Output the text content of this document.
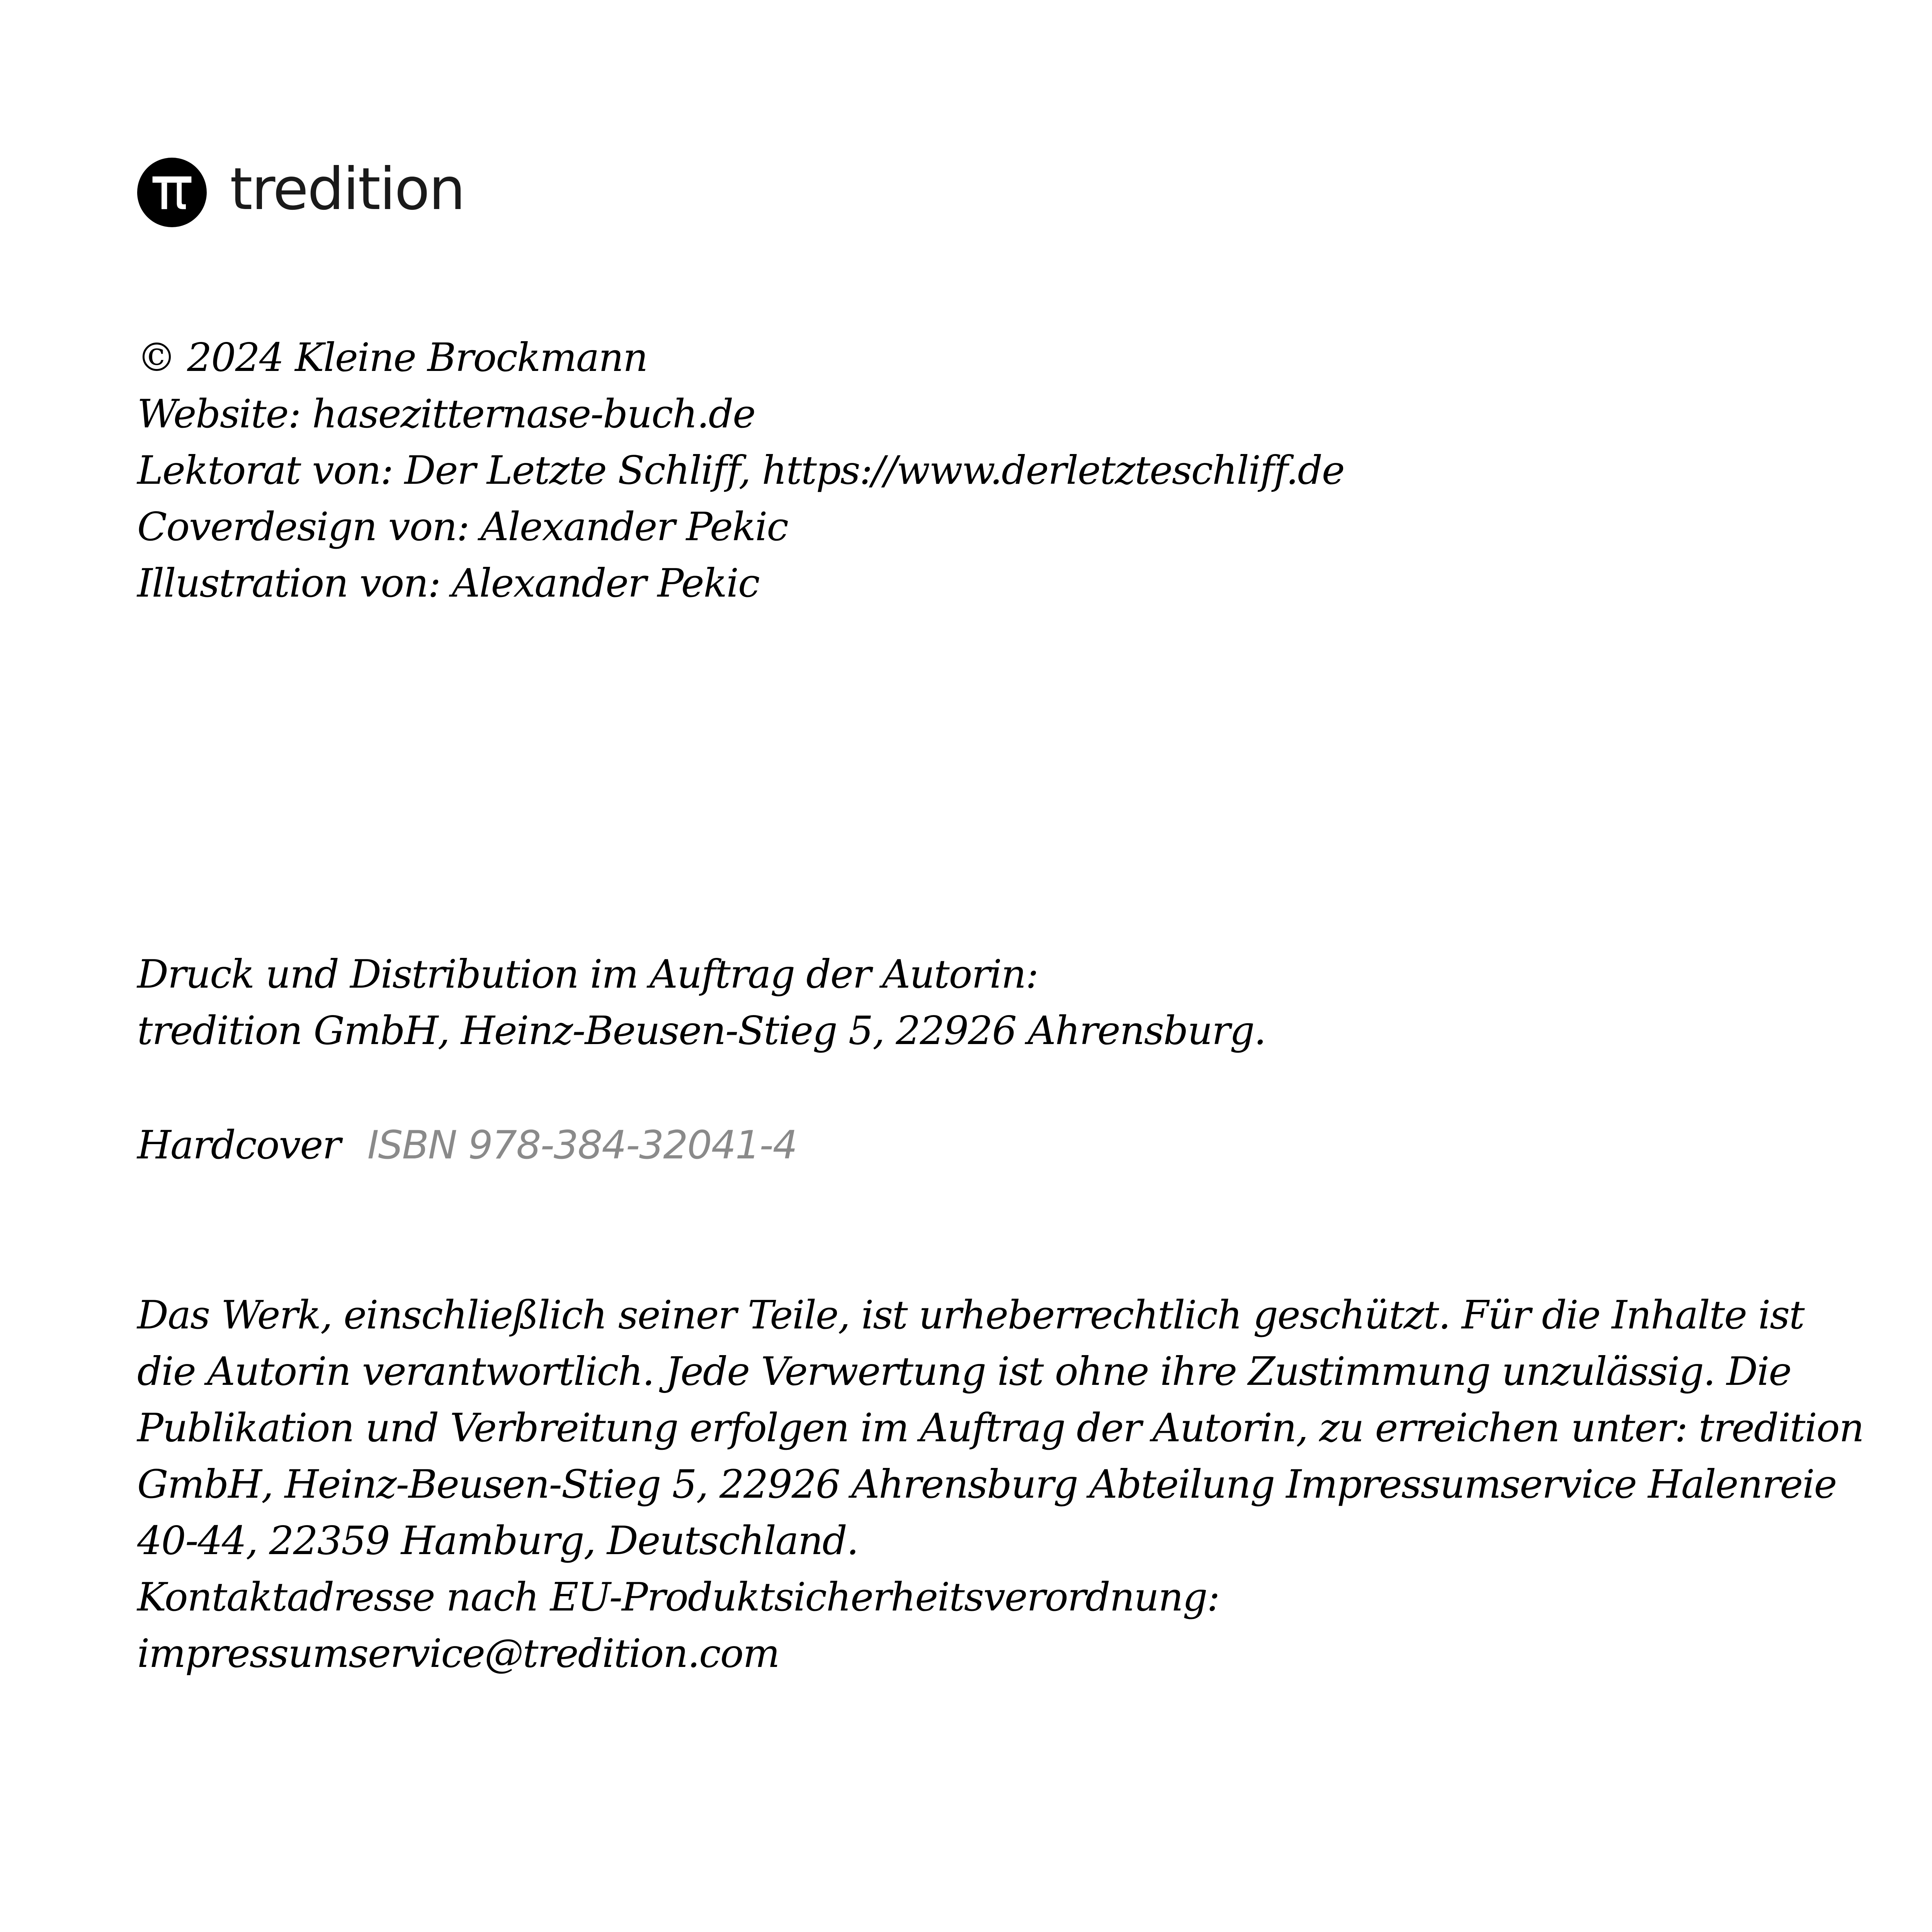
tredition

© 2024 Kleine Brockmann

Website: hasezitternase-buch.de

Lektorat von: Der Letzte Schliff, https://www.derletzteschliff.de

Coverdesign von: Alexander Pekic

Illustration von: Alexander Pekic

Druck und Distribution im Auftrag der Autorin:

tredition GmbH, Heinz-Beusen-Stieg 5, 22926 Ahrensburg.

Hardcover ISBN 978-384-32041-4

Das Werk, einschließlich seiner Teile, ist urheberrechtlich geschützt. Für die Inhalte ist

die Autorin verantwortlich. Jede Verwertung ist ohne ihre Zustimmung unzulässig. Die

Publikation und Verbreitung erfolgen im Auftrag der Autorin, zu erreichen unter: tredition

GmbH, Heinz-Beusen-Stieg 5, 22926 Ahrensburg Abteilung Impressumservice Halenreie

40-44, 22359 Hamburg, Deutschland.

Kontaktadresse nach EU-Produktsicherheitsverordnung:

impressumservice@tredition.com
